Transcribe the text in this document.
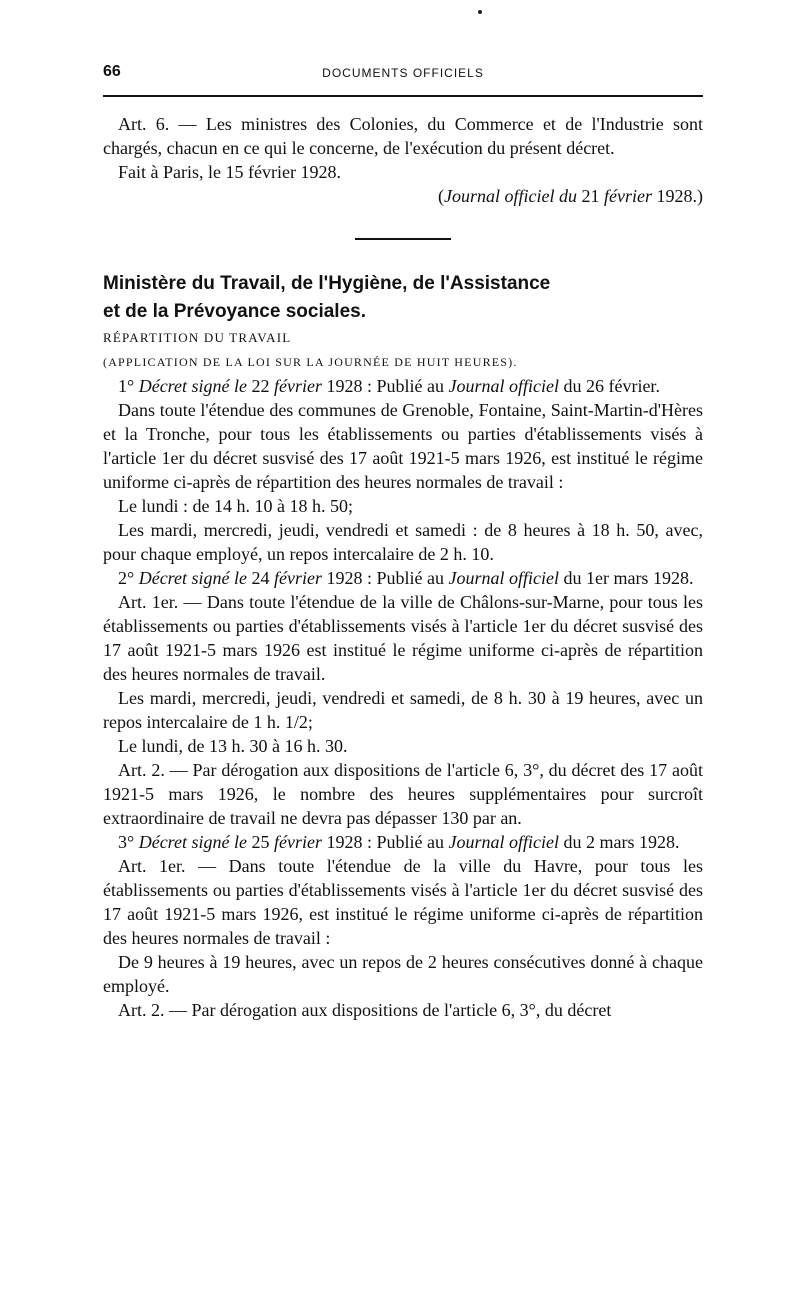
66	DOCUMENTS OFFICIELS

Art. 6. — Les ministres des Colonies, du Commerce et de l'Industrie sont chargés, chacun en ce qui le concerne, de l'exécution du présent décret.

Fait à Paris, le 15 février 1928.

(Journal officiel du 21 février 1928.)

Ministère du Travail, de l'Hygiène, de l'Assistance
et de la Prévoyance sociales.

RÉPARTITION DU TRAVAIL

(APPLICATION DE LA LOI SUR LA JOURNÉE DE HUIT HEURES).

1° Décret signé le 22 février 1928 : Publié au Journal officiel du 26 février.

Dans toute l'étendue des communes de Grenoble, Fontaine, Saint-Martin-d'Hères et la Tronche, pour tous les établissements ou parties d'établissements visés à l'article 1er du décret susvisé des 17 août 1921-5 mars 1926, est institué le régime uniforme ci-après de répartition des heures normales de travail :

Le lundi : de 14 h. 10 à 18 h. 50;

Les mardi, mercredi, jeudi, vendredi et samedi : de 8 heures à 18 h. 50, avec, pour chaque employé, un repos intercalaire de 2 h. 10.

2° Décret signé le 24 février 1928 : Publié au Journal officiel du 1er mars 1928.

Art. 1er. — Dans toute l'étendue de la ville de Châlons-sur-Marne, pour tous les établissements ou parties d'établissements visés à l'article 1er du décret susvisé des 17 août 1921-5 mars 1926 est institué le régime uniforme ci-après de répartition des heures normales de travail.

Les mardi, mercredi, jeudi, vendredi et samedi, de 8 h. 30 à 19 heures, avec un repos intercalaire de 1 h. 1/2;

Le lundi, de 13 h. 30 à 16 h. 30.

Art. 2. — Par dérogation aux dispositions de l'article 6, 3°, du décret des 17 août 1921-5 mars 1926, le nombre des heures supplémentaires pour surcroît extraordinaire de travail ne devra pas dépasser 130 par an.

3° Décret signé le 25 février 1928 : Publié au Journal officiel du 2 mars 1928.

Art. 1er. — Dans toute l'étendue de la ville du Havre, pour tous les établissements ou parties d'établissements visés à l'article 1er du décret susvisé des 17 août 1921-5 mars 1926, est institué le régime uniforme ci-après de répartition des heures normales de travail :

De 9 heures à 19 heures, avec un repos de 2 heures consécutives donné à chaque employé.

Art. 2. — Par dérogation aux dispositions de l'article 6, 3°, du décret
